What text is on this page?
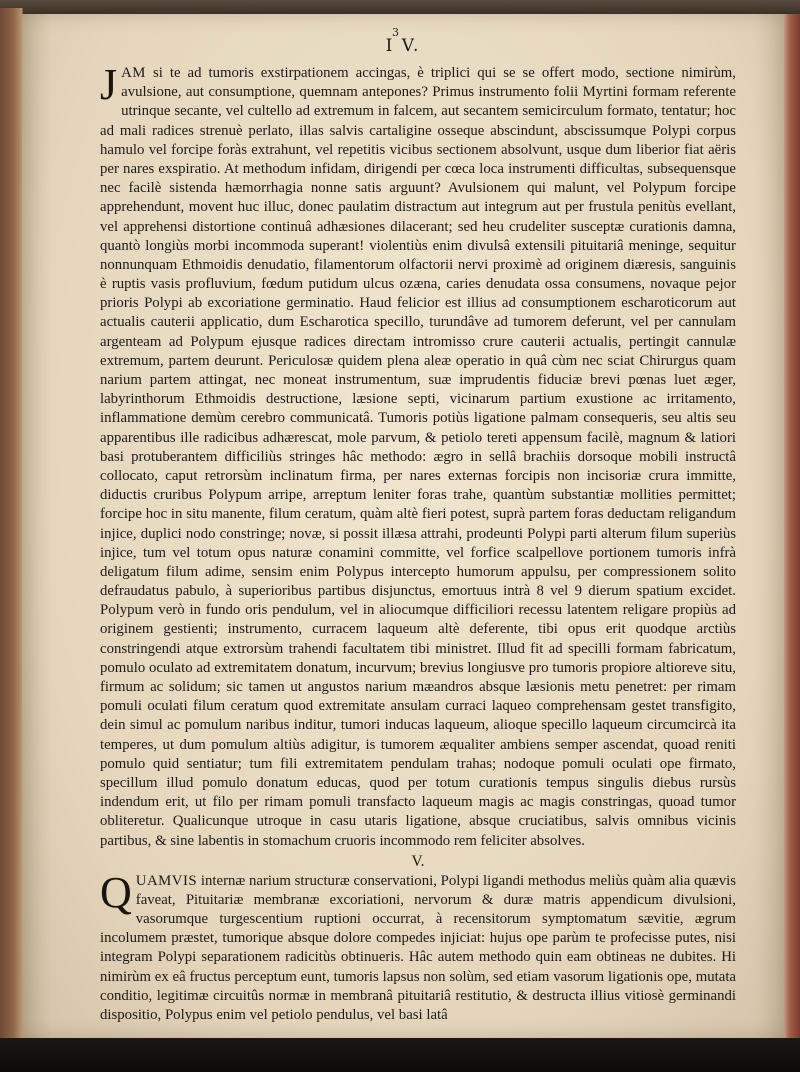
3
I V.

JAM si te ad tumoris exstirpationem accingas, è triplici qui se se offert modo, sectione nimirùm, avulsione, aut consumptione, quemnam antepones? Primus instrumento folii Myrtini formam referente utrinque secante, vel cultello ad extremum in falcem, aut secantem semicirculum formato, tentatur; hoc ad mali radices strenuè perlato, illas salvis cartaligine osseque abscindunt, abscissumque Polypi corpus hamulo vel forcipe foràs extrahunt, vel repetitis vicibus sectionem absolvunt, usque dum liberior fiat aëris per nares exspiratio. At methodum infidam, dirigendi per cœca loca instrumenti difficultas, subsequensque nec facilè sistenda hæmorrhagia nonne satis arguunt? Avulsionem qui malunt, vel Polypum forcipe apprehendunt, movent huc illuc, donec paulatim distractum aut integrum aut per frustula penitùs evellant, vel apprehensi distortione continuâ adhæsiones dilacerant; sed heu crudeliter susceptæ curationis damna, quantò longiùs morbi incommoda superant! violentiùs enim divulsâ extensili pituitariâ meninge, sequitur nonnunquam Ethmoidis denudatio, filamentorum olfactorii nervi proximè ad originem diæresis, sanguinis è ruptis vasis profluvium, fœdum putidum ulcus ozæna, caries denudata ossa consumens, novaque pejor prioris Polypi ab excoriatione germinatio. Haud felicior est illius ad consumptionem escharoticorum aut actualis cauterii applicatio, dum Escharotica specillo, turundâve ad tumorem deferunt, vel per cannulam argenteam ad Polypum ejusque radices directam intromisso crure cauterii actualis, pertingit cannulæ extremum, partem deurunt. Periculosæ quidem plena aleæ operatio in quâ cùm nec sciat Chirurgus quam narium partem attingat, nec moneat instrumentum, suæ imprudentis fiduciæ brevi pœnas luet æger, labyrinthorum Ethmoidis destructione, læsione septi, vicinarum partium exustione ac irritamento, inflammatione demùm cerebro communicatâ. Tumoris potiùs ligatione palmam consequeris, seu altis seu apparentibus ille radicibus adhærescat, mole parvum, & petiolo tereti appensum facilè, magnum & latiori basi protuberantem difficiliùs stringes hâc methodo: ægro in sellâ brachiis dorsoque mobili instructâ collocato, caput retrorsùm inclinatum firma, per nares externas forcipis non incisoriæ crura immitte, diductis cruribus Polypum arripe, arreptum leniter foras trahe, quantùm substantiæ mollities permittet; forcipe hoc in situ manente, filum ceratum, quàm altè fieri potest, suprà partem foras deductam religandum injice, duplici nodo constringe; novæ, si possit illæsa attrahi, prodeunti Polypi parti alterum filum superiùs injice, tum vel totum opus naturæ conamini committe, vel forfice scalpellove portionem tumoris infrà deligatum filum adime, sensim enim Polypus intercepto humorum appulsu, per compressionem solito defraudatus pabulo, à superioribus partibus disjunctus, emortuus intrà 8 vel 9 dierum spatium excidet. Polypum verò in fundo oris pendulum, vel in aliocumque difficiliori recessu latentem religare propiùs ad originem gestienti; instrumento, curracem laqueum altè deferente, tibi opus erit quodque arctiùs constringendi atque extrorsùm trahendi facultatem tibi ministret. Illud fit ad specilli formam fabricatum, pomulo oculato ad extremitatem donatum, incurvum; brevius longiusve pro tumoris propiore altioreve situ, firmum ac solidum; sic tamen ut angustos narium mæandros absque læsionis metu penetret: per rimam pomuli oculati filum ceratum quod extremitate ansulam curraci laqueo comprehensam gestet transfigito, dein simul ac pomulum naribus inditur, tumori inducas laqueum, alioque specillo laqueum circumcircà ita temperes, ut dum pomulum altiùs adigitur, is tumorem æqualiter ambiens semper ascendat, quoad reniti pomulo quid sentiatur; tum fili extremitatem pendulam trahas; nodoque pomuli oculati ope firmato, specillum illud pomulo donatum educas, quod per totum curationis tempus singulis diebus rursùs indendum erit, ut filo per rimam pomuli transfacto laqueum magis ac magis constringas, quoad tumor obliteretur. Qualicunque utroque in casu utaris ligatione, absque cruciatibus, salvis omnibus vicinis partibus, & sine labentis in stomachum cruoris incommodo rem feliciter absolves.

V.

QUAMVIS internæ narium structuræ conservationi, Polypi ligandi methodus meliùs quàm alia quævis faveat, Pituitariæ membranæ excoriationi, nervorum & duræ matris appendicum divulsioni, vasorumque turgescentium ruptioni occurrat, à recensitorum symptomatum sævitie, ægrum incolumem præstet, tumorique absque dolore compedes injiciat: hujus ope parùm te profecisse putes, nisi integram Polypi separationem radicitùs obtinueris. Hâc autem methodo quin eam obtineas ne dubites. Hi nimirùm ex eâ fructus perceptum eunt, tumoris lapsus non solùm, sed etiam vasorum ligationis ope, mutata conditio, legitimæ circuitûs normæ in membranâ pituitariâ restitutio, & destructa illius vitiosè germinandi dispositio, Polypus enim vel petiolo pendulus, vel basi latâ
